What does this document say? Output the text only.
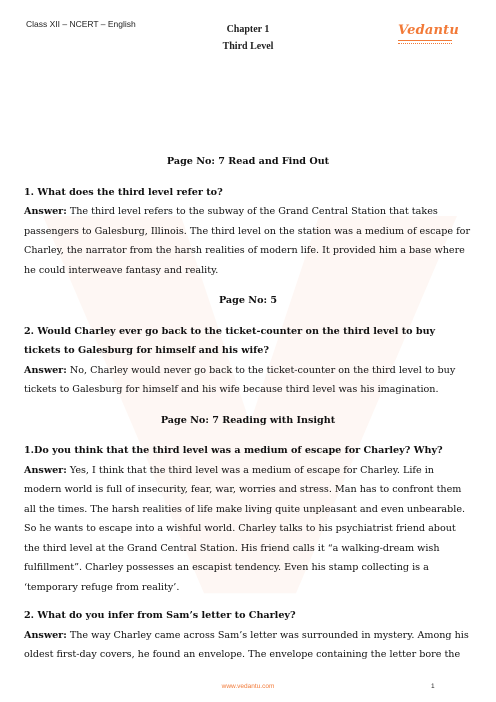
Class XII – NCERT – English	Chapter 1
Third Level
Vedantu

Page No: 7 Read and Find Out

1. What does the third level refer to?

Answer: The third level refers to the subway of the Grand Central Station that takes passengers to Galesburg, Illinois. The third level on the station was a medium of escape for Charley, the narrator from the harsh realities of modern life. It provided him a base where he could interweave fantasy and reality.

Page No: 5

2. Would Charley ever go back to the ticket-counter on the third level to buy tickets to Galesburg for himself and his wife?

Answer: No, Charley would never go back to the ticket-counter on the third level to buy tickets to Galesburg for himself and his wife because third level was his imagination.

Page No: 7 Reading with Insight

1.Do you think that the third level was a medium of escape for Charley? Why?

Answer: Yes, I think that the third level was a medium of escape for Charley. Life in modern world is full of insecurity, fear, war, worries and stress. Man has to confront them all the times. The harsh realities of life make living quite unpleasant and even unbearable. So he wants to escape into a wishful world. Charley talks to his psychiatrist friend about the third level at the Grand Central Station. His friend calls it “a walking-dream wish fulfillment”. Charley possesses an escapist tendency. Even his stamp collecting is a ‘temporary refuge from reality’.

2. What do you infer from Sam’s letter to Charley?

Answer: The way Charley came across Sam’s letter was surrounded in mystery. Among his oldest first-day covers, he found an envelope. The envelope containing the letter bore the

www.vedantu.com	1
